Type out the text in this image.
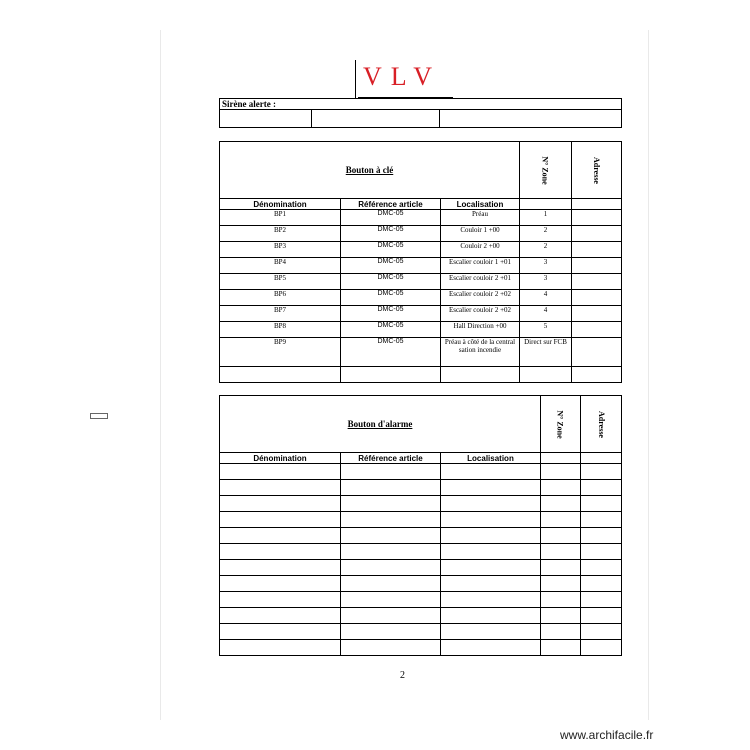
VLV
Sirène alerte :

Bouton à clé			N° Zone	Adresse
Dénomination	Référence article	Localisation		
BP1	DMC-05	Préau	1	
BP2	DMC-05	Couloir 1 +00	2	
BP3	DMC-05	Couloir 2 +00	2	
BP4	DMC-05	Escalier couloir 1 +01	3	
BP5	DMC-05	Escalier couloir 2 +01	3	
BP6	DMC-05	Escalier couloir 2 +02	4	
BP7	DMC-05	Escalier couloir 2 +02	4	
BP8	DMC-05	Hall Direction +00	5	
BP9	DMC-05	Préau à côté de la central sation incendie	Direct sur FCB	

Bouton d'alarme			N° Zone	Adresse
Dénomination	Référence article	Localisation		

2
www.archifacile.fr
